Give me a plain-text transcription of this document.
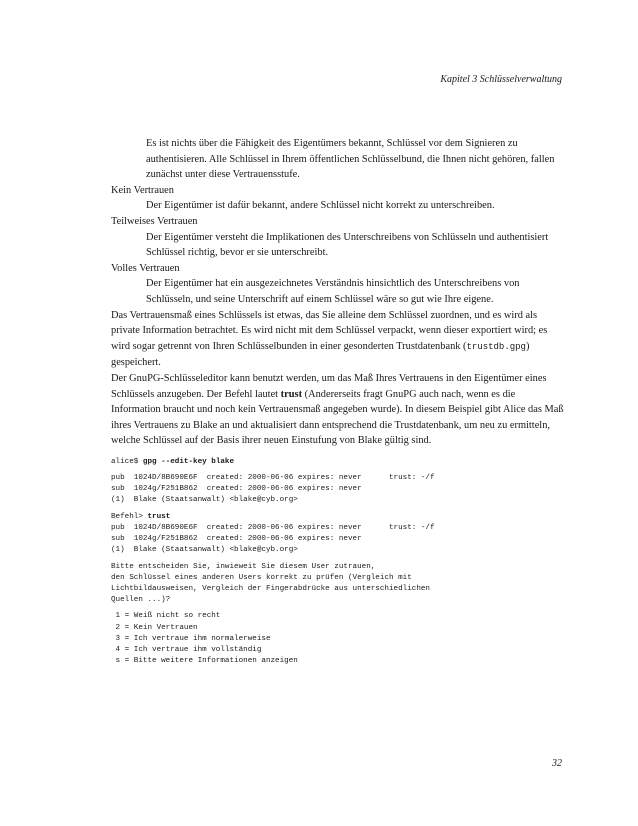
Kapitel 3 Schlüsselverwaltung

Es ist nichts über die Fähigkeit des Eigentümers bekannt, Schlüssel vor dem Signieren zu authentisieren. Alle Schlüssel in Ihrem öffentlichen Schlüsselbund, die Ihnen nicht gehören, fallen zunächst unter diese Vertrauensstufe.

Kein Vertrauen

Der Eigentümer ist dafür bekannt, andere Schlüssel nicht korrekt zu unterschreiben.

Teilweises Vertrauen

Der Eigentümer versteht die Implikationen des Unterschreibens von Schlüsseln und authentisiert Schlüssel richtig, bevor er sie unterschreibt.

Volles Vertrauen

Der Eigentümer hat ein ausgezeichnetes Verständnis hinsichtlich des Unterschreibens von Schlüsseln, und seine Unterschrift auf einem Schlüssel wäre so gut wie Ihre eigene.

Das Vertrauensmaß eines Schlüssels ist etwas, das Sie alleine dem Schlüssel zuordnen, und es wird als private Information betrachtet. Es wird nicht mit dem Schlüssel verpackt, wenn dieser exportiert wird; es wird sogar getrennt von Ihren Schlüsselbunden in einer gesonderten Trustdatenbank (trustdb.gpg) gespeichert.

Der GnuPG-Schlüsseleditor kann benutzt werden, um das Maß Ihres Vertrauens in den Eigentümer eines Schlüssels anzugeben. Der Befehl lautet trust (Andererseits fragt GnuPG auch nach, wenn es die Information braucht und noch kein Vertrauensmaß angegeben wurde). In diesem Beispiel gibt Alice das Maß ihres Vertrauens zu Blake an und aktualisiert dann entsprechend die Trustdatenbank, um neu zu ermitteln, welche Schlüssel auf der Basis ihrer neuen Einstufung von Blake gültig sind.

alice$ gpg --edit-key blake

pub  1024D/8B690E6F  created: 2000-06-06 expires: never      trust: -/f
sub  1024g/F251B862  created: 2000-06-06 expires: never
(1)  Blake (Staatsanwalt) <blake@cyb.org>

Befehl> trust
pub  1024D/8B690E6F  created: 2000-06-06 expires: never      trust: -/f
sub  1024g/F251B862  created: 2000-06-06 expires: never
(1)  Blake (Staatsanwalt) <blake@cyb.org>

Bitte entscheiden Sie, inwieweit Sie diesem User zutrauen,
den Schlüssel eines anderen Users korrekt zu prüfen (Vergleich mit
Lichtbildausweisen, Vergleich der Fingerabdrücke aus unterschiedlichen
Quellen ...)?

1 = Weiß nicht so recht
2 = Kein Vertrauen
3 = Ich vertraue ihm normalerweise
4 = Ich vertraue ihm vollständig
s = Bitte weitere Informationen anzeigen
32
